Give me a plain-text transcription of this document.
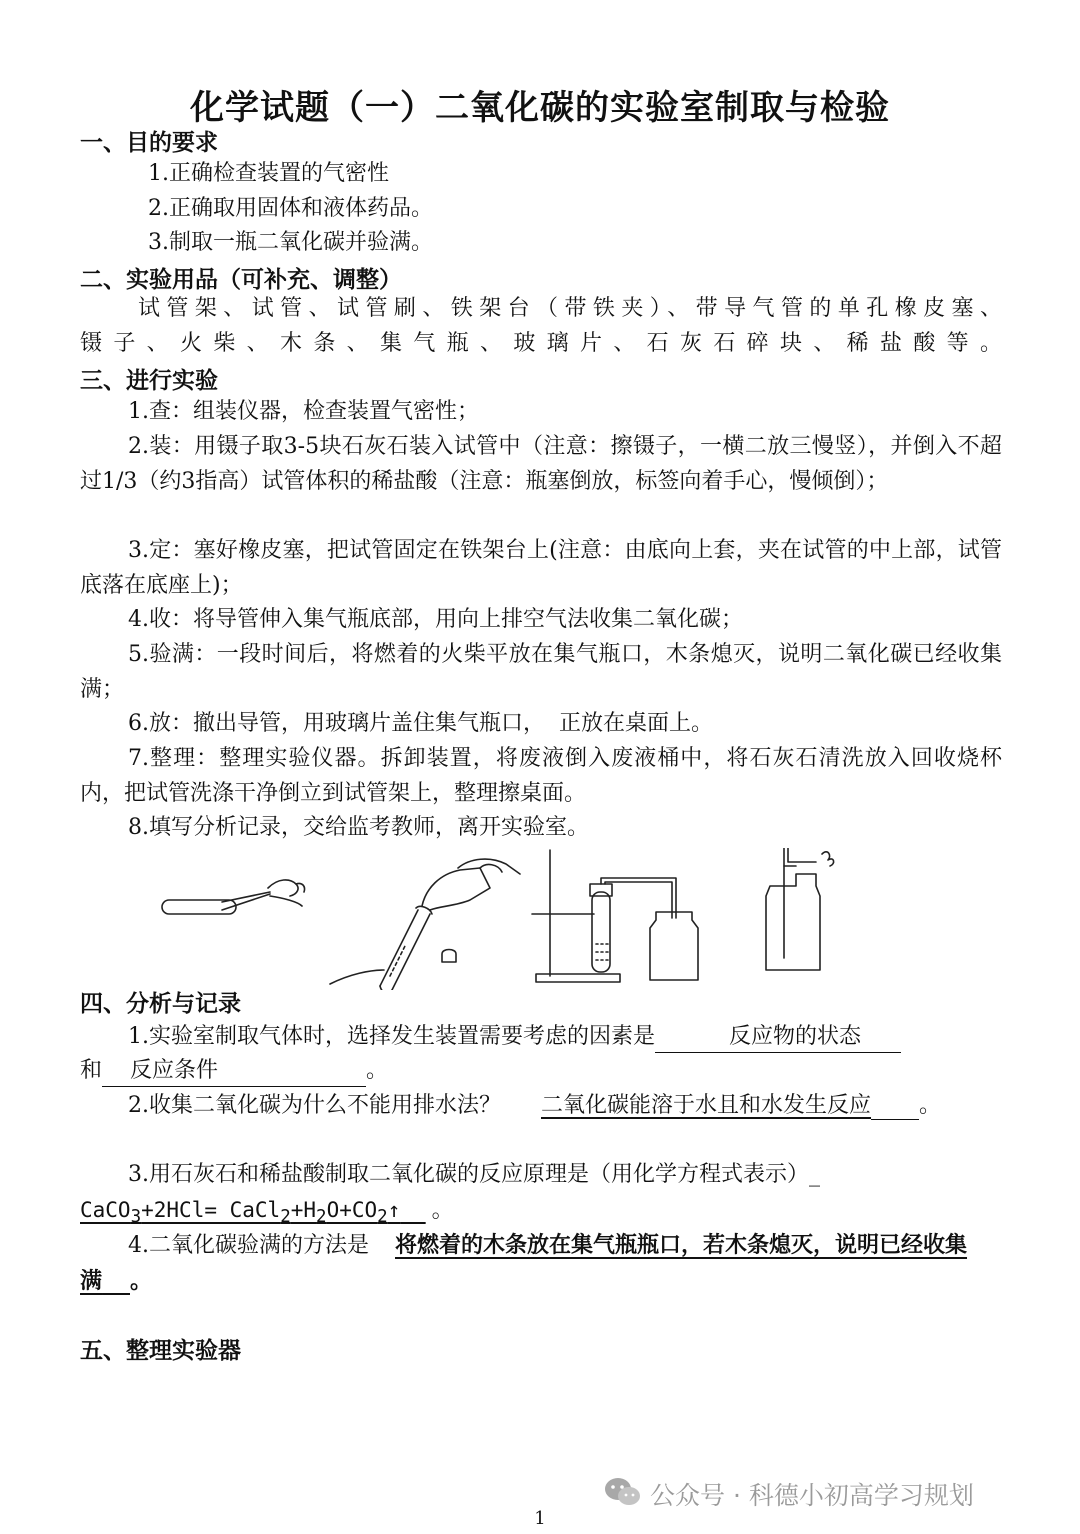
化学试题（一）二氧化碳的实验室制取与检验
一、目的要求

1.正确检查装置的气密性

2.正确取用固体和液体药品。

3.制取一瓶二氧化碳并验满。

二、实验用品（可补充、调整）

试管架、试管、试管刷、铁架台（带铁夹）、带导气管的单孔橡皮塞、

镊子、火柴、木条、集气瓶、玻璃片、石灰石碎块、稀盐酸等。

三、进行实验

1.查：组装仪器，检查装置气密性；

2.装：用镊子取3-5块石灰石装入试管中（注意：擦镊子，一横二放三慢竖），并倒入不超过1/3（约3指高）试管体积的稀盐酸（注意：瓶塞倒放，标签向着手心，慢倾倒）；

3.定：塞好橡皮塞，把试管固定在铁架台上(注意：由底向上套，夹在试管的中上部，试管底落在底座上)；

4.收：将导管伸入集气瓶底部，用向上排空气法收集二氧化碳；

5.验满：一段时间后，将燃着的火柴平放在集气瓶口，木条熄灭，说明二氧化碳已经收集满；

6.放：撤出导管，用玻璃片盖住集气瓶口，  正放在桌面上。

7.整理：整理实验仪器。拆卸装置，将废液倒入废液桶中，将石灰石清洗放入回收烧杯内，把试管洗涤干净倒立到试管架上，整理擦桌面。

8.填写分析记录，交给监考教师，离开实验室。

四、分析与记录

1.实验室制取气体时，选择发生装置需要考虑的因素是	反应物的状态

和 反应条件	。

2.收集二氧化碳为什么不能用排水法？ 二氧化碳能溶于水且和水发生反应 。

3.用石灰石和稀盐酸制取二氧化碳的反应原理是（用化学方程式表示）_

CaCO$_3$+2HCl= $CaCl_2+H_2O+CO_2↑$ 。

4.二氧化碳验满的方法是 将燃着的木条放在集气瓶瓶口，若木条熄灭，说明已经收集满 。

五、整理实验器
公众号 · 科德小初高学习规划
1
